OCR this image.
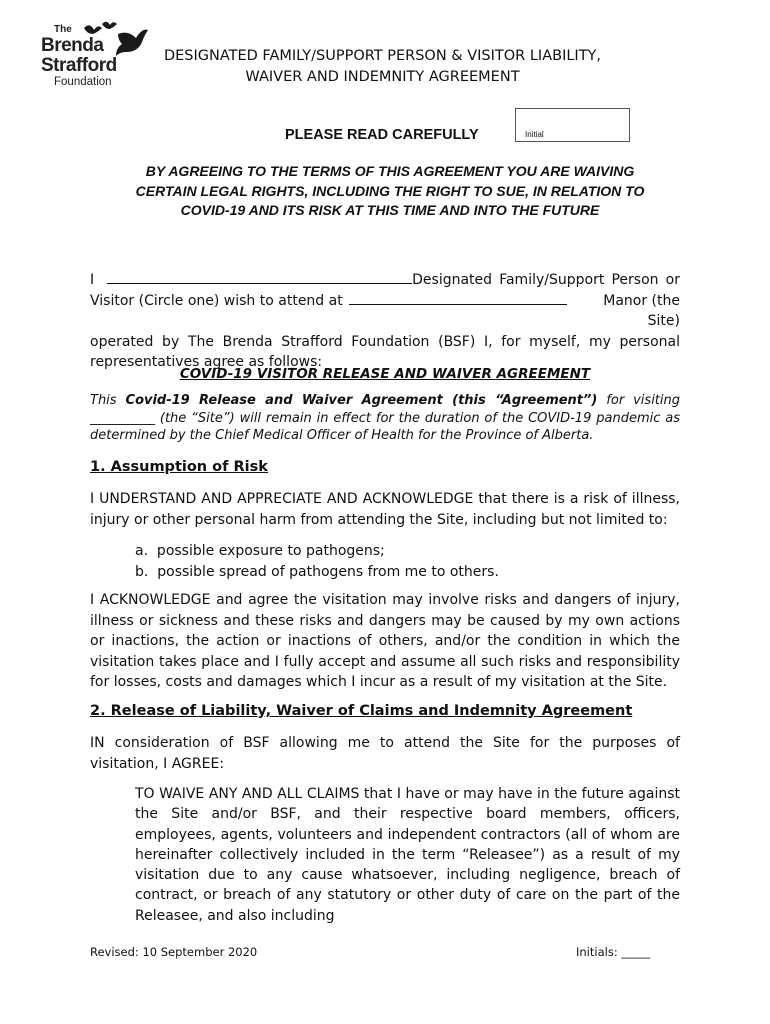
The
Brenda
Strafford
Foundation
DESIGNATED FAMILY/SUPPORT PERSON & VISITOR LIABILITY,
WAIVER AND INDEMNITY AGREEMENT
PLEASE READ CAREFULLY	Initial
BY AGREEING TO THE TERMS OF THIS AGREEMENT YOU ARE WAIVING
CERTAIN LEGAL RIGHTS, INCLUDING THE RIGHT TO SUE, IN RELATION TO
COVID-19 AND ITS RISK AT THIS TIME AND INTO THE FUTURE
I	Designated Family/Support Person or
Visitor (Circle one) wish to attend at	Manor (the Site)
operated by The Brenda Strafford Foundation (BSF) I, for myself, my personal representatives agree as follows:
COVID-19 VISITOR RELEASE AND WAIVER AGREEMENT
This Covid-19 Release and Waiver Agreement (this “Agreement”) for visiting __________ (the “Site”) will remain in effect for the duration of the COVID-19 pandemic as determined by the Chief Medical Officer of Health for the Province of Alberta.
1. Assumption of Risk
I UNDERSTAND AND APPRECIATE AND ACKNOWLEDGE that there is a risk of illness, injury or other personal harm from attending the Site, including but not limited to:
a.  possible exposure to pathogens;
b.  possible spread of pathogens from me to others.
I ACKNOWLEDGE and agree the visitation may involve risks and dangers of injury, illness or sickness and these risks and dangers may be caused by my own actions or inactions, the action or inactions of others, and/or the condition in which the visitation takes place and I fully accept and assume all such risks and responsibility for losses, costs and damages which I incur as a result of my visitation at the Site.
2. Release of Liability, Waiver of Claims and Indemnity Agreement
IN consideration of BSF allowing me to attend the Site for the purposes of visitation, I AGREE:
TO WAIVE ANY AND ALL CLAIMS that I have or may have in the future against the Site and/or BSF, and their respective board members, officers, employees, agents, volunteers and independent contractors (all of whom are hereinafter collectively included in the term “Releasee”) as a result of my visitation due to any cause whatsoever, including negligence, breach of contract, or breach of any statutory or other duty of care on the part of the Releasee, and also including
Revised: 10 September 2020	Initials: _____
